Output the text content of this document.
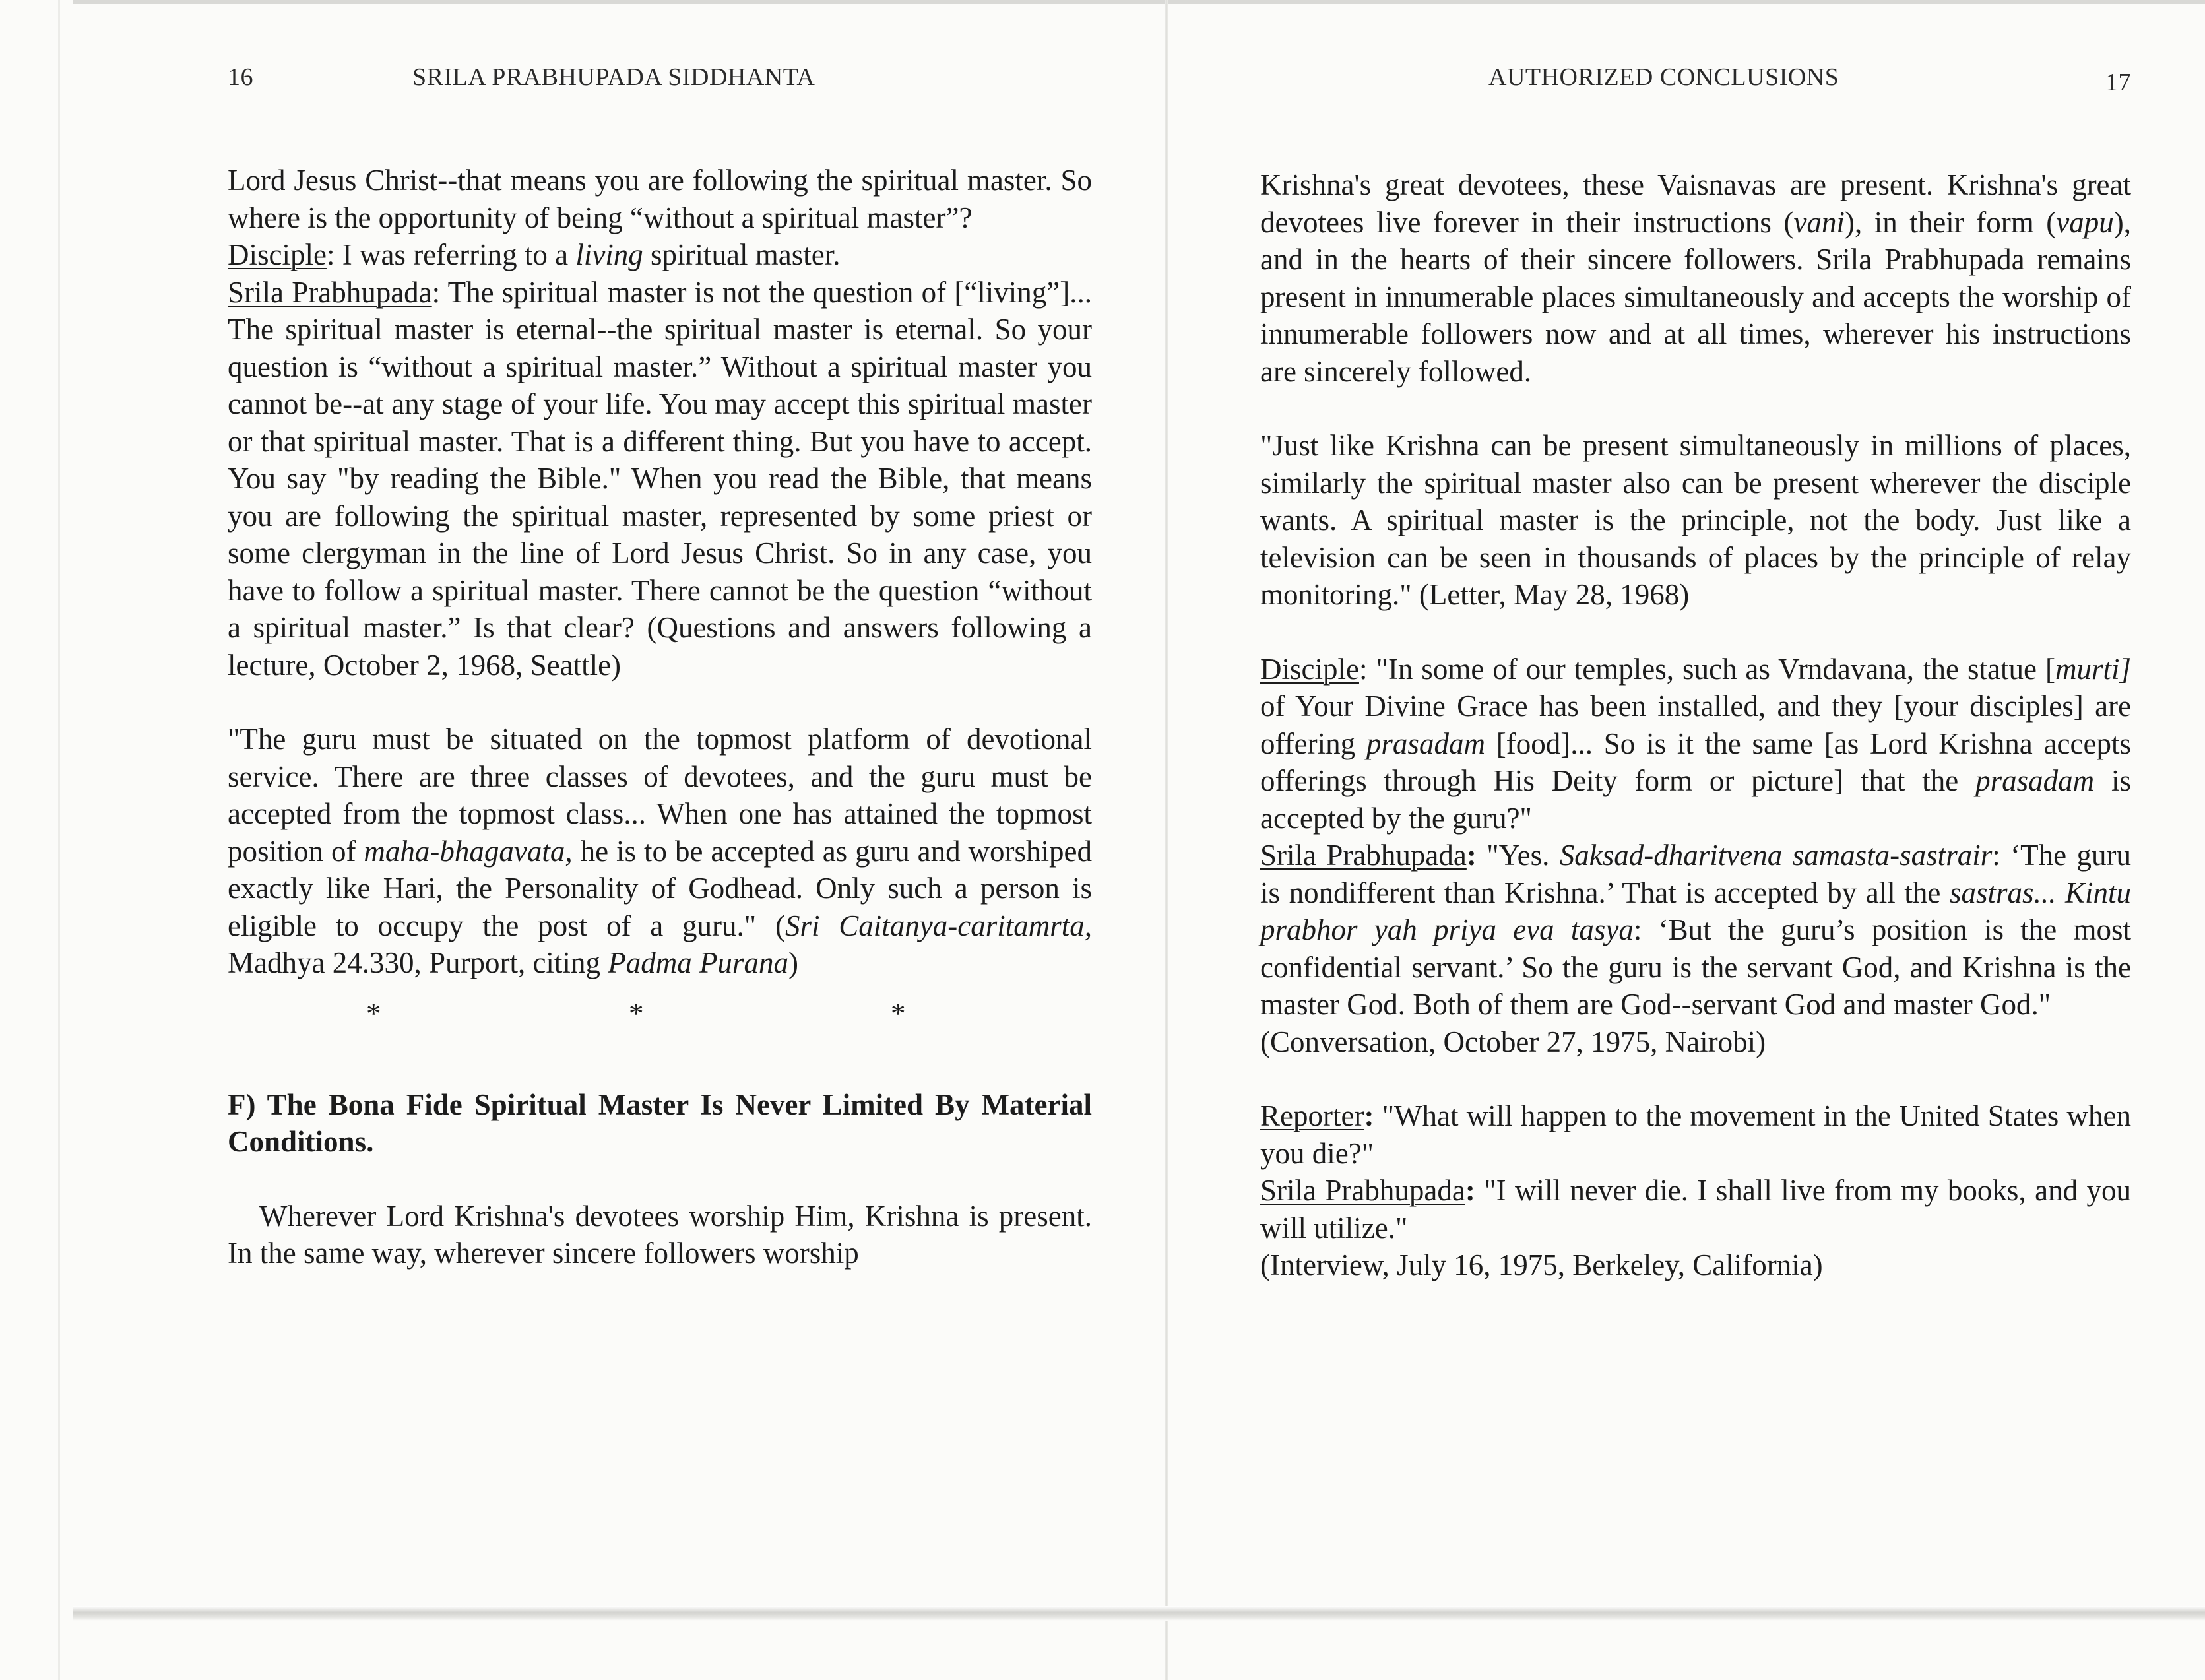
16	SRILA PRABHUPADA SIDDHANTA

Lord Jesus Christ--that means you are following the spiritual master. So where is the opportunity of being “without a spiritual master”?

Disciple: I was referring to a living spiritual master.

Srila Prabhupada: The spiritual master is not the question of [“living”]... The spiritual master is eternal--the spiritual master is eternal. So your question is “without a spiritual master.” Without a spiritual master you cannot be--at any stage of your life. You may accept this spiritual master or that spiritual master. That is a different thing. But you have to accept. You say "by reading the Bible." When you read the Bible, that means you are following the spiritual master, represented by some priest or some clergyman in the line of Lord Jesus Christ. So in any case, you have to follow a spiritual master. There cannot be the question “without a spiritual master.” Is that clear? (Questions and answers following a lecture, October 2, 1968, Seattle)

"The guru must be situated on the topmost platform of devotional service. There are three classes of devotees, and the guru must be accepted from the topmost class... When one has attained the topmost position of maha-bhagavata, he is to be accepted as guru and worshiped exactly like Hari, the Personality of Godhead. Only such a person is eligible to occupy the post of a guru." (Sri Caitanya-caritamrta, Madhya 24.330, Purport, citing Padma Purana)

*	*	*

F) The Bona Fide Spiritual Master Is Never Limited By Material Conditions.

Wherever Lord Krishna's devotees worship Him, Krishna is present. In the same way, wherever sincere followers worship

AUTHORIZED CONCLUSIONS	17

Krishna's great devotees, these Vaisnavas are present. Krishna's great devotees live forever in their instructions (vani), in their form (vapu), and in the hearts of their sincere followers. Srila Prabhupada remains present in innumerable places simultaneously and accepts the worship of innumerable followers now and at all times, wherever his instructions are sincerely followed.

"Just like Krishna can be present simultaneously in millions of places, similarly the spiritual master also can be present wherever the disciple wants. A spiritual master is the principle, not the body. Just like a television can be seen in thousands of places by the principle of relay monitoring." (Letter, May 28, 1968)

Disciple: "In some of our temples, such as Vrndavana, the statue [murti] of Your Divine Grace has been installed, and they [your disciples] are offering prasadam [food]... So is it the same [as Lord Krishna accepts offerings through His Deity form or picture] that the prasadam is accepted by the guru?"

Srila Prabhupada: "Yes. Saksad-dharitvena samasta-sastrair: ‘The guru is nondifferent than Krishna.’ That is accepted by all the sastras... Kintu prabhor yah priya eva tasya: ‘But the guru’s position is the most confidential servant.’ So the guru is the servant God, and Krishna is the master God. Both of them are God--servant God and master God."

(Conversation, October 27, 1975, Nairobi)

Reporter: "What will happen to the movement in the United States when you die?"

Srila Prabhupada: "I will never die. I shall live from my books, and you will utilize."

(Interview, July 16, 1975, Berkeley, California)
